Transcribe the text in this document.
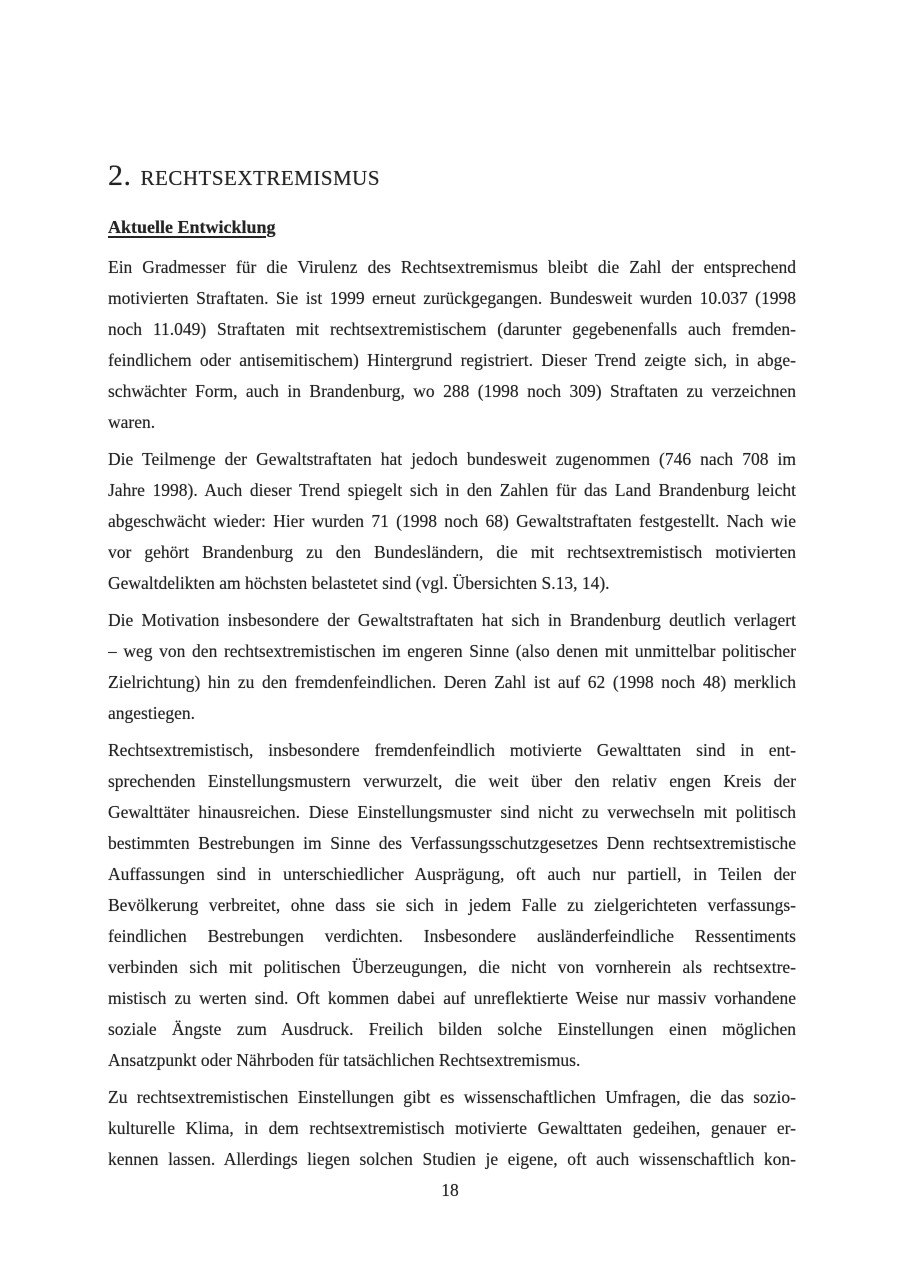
2. rechtsextremismus
Aktuelle Entwicklung
Ein Gradmesser für die Virulenz des Rechtsextremismus bleibt die Zahl der entsprechend
motivierten Straftaten. Sie ist 1999 erneut zurückgegangen. Bundesweit wurden 10.037 (1998
noch 11.049) Straftaten mit rechtsextremistischem (darunter gegebenenfalls auch fremden-
feindlichem oder antisemitischem) Hintergrund registriert. Dieser Trend zeigte sich, in abge-
schwächter Form, auch in Brandenburg, wo 288 (1998 noch 309) Straftaten zu verzeichnen
waren.
Die Teilmenge der Gewaltstraftaten hat jedoch bundesweit zugenommen (746 nach 708 im
Jahre 1998). Auch dieser Trend spiegelt sich in den Zahlen für das Land Brandenburg leicht
abgeschwächt wieder: Hier wurden 71 (1998 noch 68) Gewaltstraftaten festgestellt. Nach wie
vor gehört Brandenburg zu den Bundesländern, die mit rechtsextremistisch motivierten
Gewaltdelikten am höchsten belastetet sind (vgl. Übersichten S.13, 14).
Die Motivation insbesondere der Gewaltstraftaten hat sich in Brandenburg deutlich verlagert
– weg von den rechtsextremistischen im engeren Sinne (also denen mit unmittelbar politischer
Zielrichtung) hin zu den fremdenfeindlichen. Deren Zahl ist auf 62 (1998 noch 48) merklich
angestiegen.
Rechtsextremistisch, insbesondere fremdenfeindlich motivierte Gewalttaten sind in ent-
sprechenden Einstellungsmustern verwurzelt, die weit über den relativ engen Kreis der
Gewalttäter hinausreichen. Diese Einstellungsmuster sind nicht zu verwechseln mit politisch
bestimmten Bestrebungen im Sinne des Verfassungsschutzgesetzes Denn rechtsextremistische
Auffassungen sind in unterschiedlicher Ausprägung, oft auch nur partiell, in Teilen der
Bevölkerung verbreitet, ohne dass sie sich in jedem Falle zu zielgerichteten verfassungs-
feindlichen Bestrebungen verdichten. Insbesondere ausländerfeindliche Ressentiments
verbinden sich mit politischen Überzeugungen, die nicht von vornherein als rechtsextre-
mistisch zu werten sind. Oft kommen dabei auf unreflektierte Weise nur massiv vorhandene
soziale Ängste zum Ausdruck. Freilich bilden solche Einstellungen einen möglichen
Ansatzpunkt oder Nährboden für tatsächlichen Rechtsextremismus.
Zu rechtsextremistischen Einstellungen gibt es wissenschaftlichen Umfragen, die das sozio-
kulturelle Klima, in dem rechtsextremistisch motivierte Gewalttaten gedeihen, genauer er-
kennen lassen. Allerdings liegen solchen Studien je eigene, oft auch wissenschaftlich kon-
18
